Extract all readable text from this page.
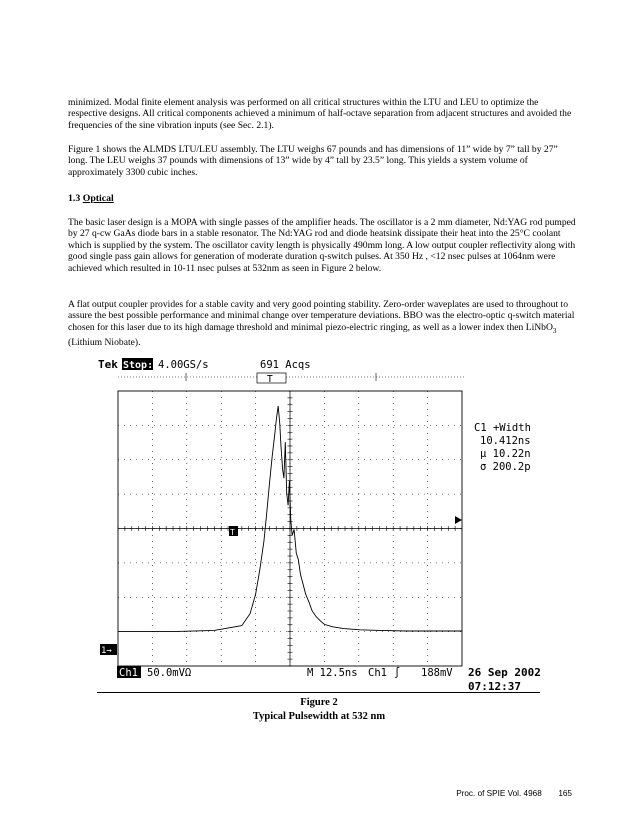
minimized. Modal finite element analysis was performed on all critical structures within the LTU and LEU to optimize the respective designs. All critical components achieved a minimum of half-octave separation from adjacent structures and avoided the frequencies of the sine vibration inputs (see Sec. 2.1).

Figure 1 shows the ALMDS LTU/LEU assembly. The LTU weighs 67 pounds and has dimensions of 11” wide by 7” tall by 27” long. The LEU weighs 37 pounds with dimensions of 13” wide by 4” tall by 23.5” long. This yields a system volume of approximately 3300 cubic inches.

1.3 Optical

The basic laser design is a MOPA with single passes of the amplifier heads. The oscillator is a 2 mm diameter, Nd:YAG rod pumped by 27 q-cw GaAs diode bars in a stable resonator. The Nd:YAG rod and diode heatsink dissipate their heat into the 25°C coolant which is supplied by the system. The oscillator cavity length is physically 490mm long. A low output coupler reflectivity along with good single pass gain allows for generation of moderate duration q-switch pulses. At 350 Hz , <12 nsec pulses at 1064nm were achieved which resulted in 10-11 nsec pulses at 532nm as seen in Figure 2 below.

A flat output coupler provides for a stable cavity and very good pointing stability. Zero-order waveplates are used to throughout to assure the best possible performance and minimal change over temperature deviations. BBO was the electro-optic q-switch material chosen for this laser due to its high damage threshold and minimal piezo-electric ringing, as well as a lower index then LiNbO$_3$ (Lithium Niobate).

Tek Stop: 4.00GS/s	691 Acqs
T
T
1→
C1 +Width
10.412ns
μ 10.22n
σ 200.2p
Ch1 50.0mVΩ	M 12.5ns Ch1 ∫ 188mV 26 Sep 2002
07:12:37
Figure 2
Typical Pulsewidth at 532 nm
Proc. of SPIE Vol. 4968 165
